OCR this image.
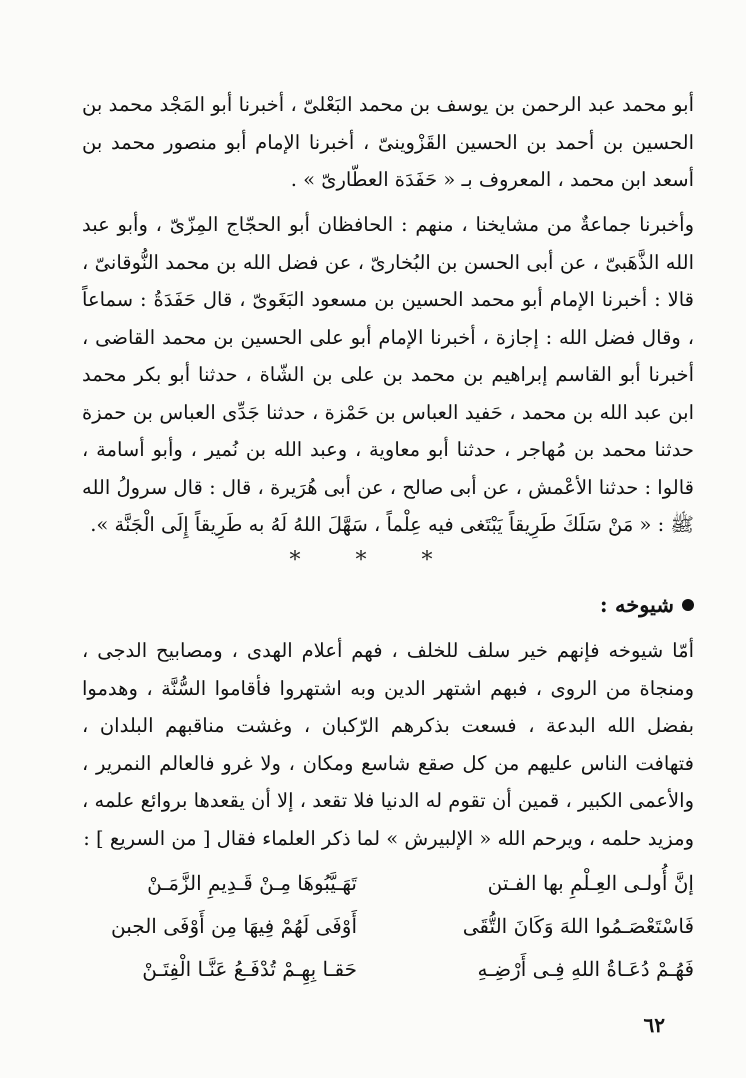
أبو محمد عبد الرحمن بن يوسف بن محمد البَعْلىّ ، أخبرنا أبو المَجْد محمد بن الحسين بن أحمد بن الحسين القَزْوينىّ ، أخبرنا الإمام أبو منصور محمد بن أسعد ابن محمد ، المعروف بـ « حَفَدَة العطّارىّ » .

وأخبرنا جماعةٌ من مشايخنا ، منهم : الحافظان أبو الحجّاج المِزّىّ ، وأبو عبد الله الذَّهَبىّ ، عن أبى الحسن بن البُخارىّ ، عن فضل الله بن محمد النُّوقانىّ ، قالا : أخبرنا الإمام أبو محمد الحسين بن مسعود البَغَوىّ ، قال حَفَدَةُ : سماعاً ، وقال فضل الله : إجازة ، أخبرنا الإمام أبو على الحسين بن محمد القاضى ، أخبرنا أبو القاسم إبراهيم بن محمد بن على بن الشّاة ، حدثنا أبو بكر محمد ابن عبد الله بن محمد ، حَفيد العباس بن حَمْزة ، حدثنا جَدِّى العباس بن حمزة حدثنا محمد بن مُهاجر ، حدثنا أبو معاوية ، وعبد الله بن نُمير ، وأبو أسامة ، قالوا : حدثنا الأعْمش ، عن أبى صالح ، عن أبى هُرَيرة ، قال : قال سرولُ الله ﷺ : « مَنْ سَلَكَ طَرِيقاً يَبْتَغى فيه عِلْماً ، سَهَّلَ اللهُ لَهُ به طَرِيقاً إِلَى الْجَنَّة ».

* * *
شيوخه :

أمّا شيوخه فإنهم خير سلف للخلف ، فهم أعلام الهدى ، ومصابيح الدجى ، ومنجاة من الروى ، فبهم اشتهر الدين وبه اشتهروا فأقاموا السُّنَّة ، وهدموا بفضل الله البدعة ، فسعت بذكرهم الرّكبان ، وغشت مناقبهم البلدان ، فتهافت الناس عليهم من كل صقع شاسع ومكان ، ولا غرو فالعالم النمرير ، والأعمى الكبير ، قمين أن تقوم له الدنيا فلا تقعد ، إلا أن يقعدها بروائع علمه ، ومزيد حلمه ، ويرحم الله « الإلبيرش » لما ذكر العلماء فقال [ من السريع ] :

إنَّ أُولـى العِـلْمِ بها الفـتن
تَهَـيَّبُوهَا مِـنْ قَـدِيمِ الزَّمَـنْ
فَاسْتَعْصَـمُوا اللهَ وَكَانَ التُّقَى
أَوْفَى لَهُمْ فِيهَا مِن أَوْفَى الجبن
فَهُـمْ دُعَـاةُ اللهِ فِـى أَرْضِـهِ
حَقـا بِهِـمْ تُدْفَـعُ عَنَّـا الْفِتَـنْ
٦٢
